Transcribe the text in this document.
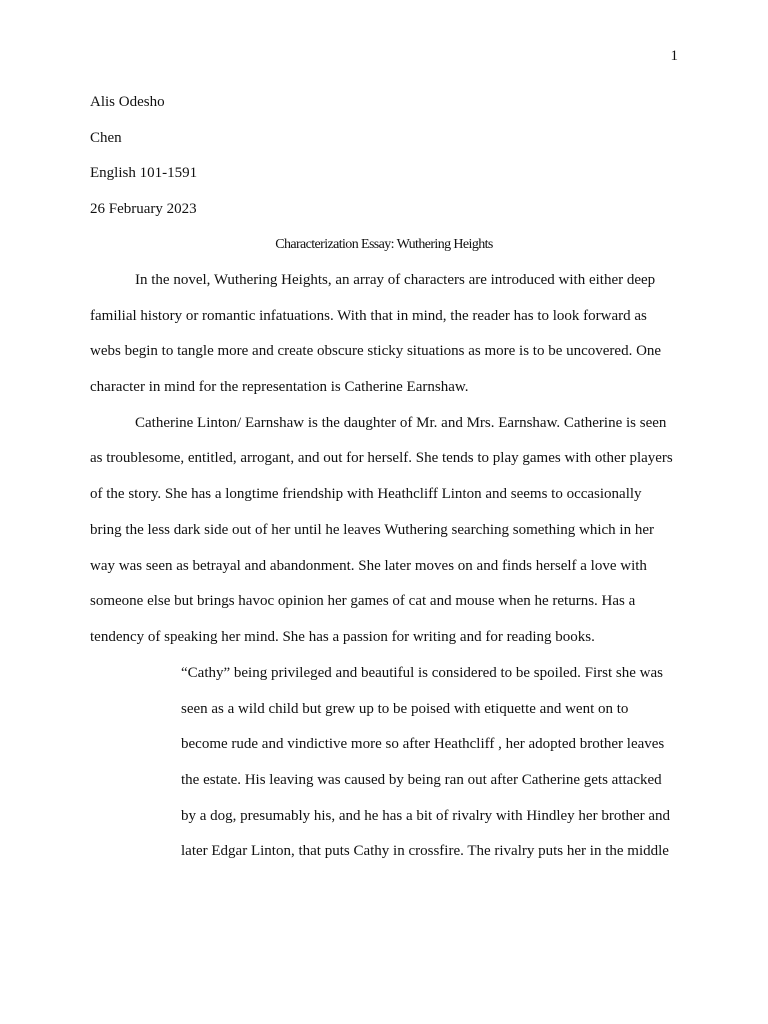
1
Alis Odesho
Chen
English 101-1591
26 February 2023
Characterization Essay: Wuthering Heights
In the novel, Wuthering Heights, an array of characters are introduced with either deep
familial history or romantic infatuations. With that in mind, the reader has to look forward as
webs begin to tangle more and create obscure sticky situations as more is to be uncovered. One
character in mind for the representation is Catherine Earnshaw.
Catherine Linton/ Earnshaw is the daughter of Mr. and Mrs. Earnshaw. Catherine is seen
as troublesome, entitled, arrogant, and out for herself. She tends to play games with other players
of the story. She has a longtime friendship with Heathcliff Linton and seems to occasionally
bring the less dark side out of her until he leaves Wuthering searching something which in her
way was seen as betrayal and abandonment. She later moves on and finds herself a love with
someone else but brings havoc opinion her games of cat and mouse when he returns. Has a
tendency of speaking her mind. She has a passion for writing and for reading books.
“Cathy” being privileged and beautiful is considered to be spoiled. First she was
seen as a wild child but grew up to be poised with etiquette and went on to
become rude and vindictive more so after Heathcliff , her adopted brother leaves
the estate. His leaving was caused by being ran out after Catherine gets attacked
by a dog, presumably his, and he has a bit of rivalry with Hindley her brother and
later Edgar Linton, that puts Cathy in crossfire. The rivalry puts her in the middle
